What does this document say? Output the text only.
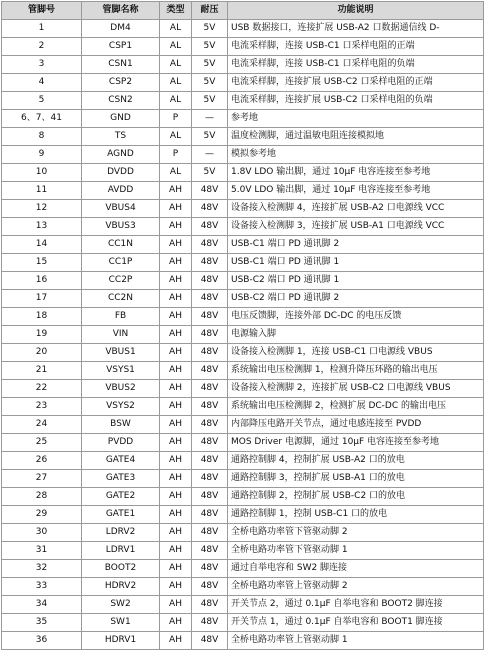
管脚号	管脚名称	类型	耐压	功能说明
1	DM4	AL	5V	USB 数据接口，连接扩展 USB-A2 口数据通信线 D-
2	CSP1	AL	5V	电流采样脚，连接 USB-C1 口采样电阻的正端
3	CSN1	AL	5V	电流采样脚，连接 USB-C1 口采样电阻的负端
4	CSP2	AL	5V	电流采样脚，连接扩展 USB-C2 口采样电阻的正端
5	CSN2	AL	5V	电流采样脚，连接扩展 USB-C2 口采样电阻的负端
6、7、41	GND	P	—	参考地
8	TS	AL	5V	温度检测脚，通过温敏电阻连接模拟地
9	AGND	P	—	模拟参考地
10	DVDD	AL	5V	1.8V LDO 输出脚，通过 10μF 电容连接至参考地
11	AVDD	AH	48V	5.0V LDO 输出脚，通过 10μF 电容连接至参考地
12	VBUS4	AH	48V	设备接入检测脚 4，连接扩展 USB-A2 口电源线 VCC
13	VBUS3	AH	48V	设备接入检测脚 3，连接扩展 USB-A1 口电源线 VCC
14	CC1N	AH	48V	USB-C1 端口 PD 通讯脚 2
15	CC1P	AH	48V	USB-C1 端口 PD 通讯脚 1
16	CC2P	AH	48V	USB-C2 端口 PD 通讯脚 1
17	CC2N	AH	48V	USB-C2 端口 PD 通讯脚 2
18	FB	AH	48V	电压反馈脚，连接外部 DC-DC 的电压反馈
19	VIN	AH	48V	电源输入脚
20	VBUS1	AH	48V	设备接入检测脚 1，连接 USB-C1 口电源线 VBUS
21	VSYS1	AH	48V	系统输出电压检测脚 1，检测升降压环路的输出电压
22	VBUS2	AH	48V	设备接入检测脚 2，连接扩展 USB-C2 口电源线 VBUS
23	VSYS2	AH	48V	系统输出电压检测脚 2，检测扩展 DC-DC 的输出电压
24	BSW	AH	48V	内部降压电路开关节点，通过电感连接至 PVDD
25	PVDD	AH	48V	MOS Driver 电源脚，通过 10μF 电容连接至参考地
26	GATE4	AH	48V	通路控制脚 4，控制扩展 USB-A2 口的放电
27	GATE3	AH	48V	通路控制脚 3，控制扩展 USB-A1 口的放电
28	GATE2	AH	48V	通路控制脚 2，控制扩展 USB-C2 口的放电
29	GATE1	AH	48V	通路控制脚 1，控制 USB-C1 口的放电
30	LDRV2	AH	48V	全桥电路功率管下管驱动脚 2
31	LDRV1	AH	48V	全桥电路功率管下管驱动脚 1
32	BOOT2	AH	48V	通过自举电容和 SW2 脚连接
33	HDRV2	AH	48V	全桥电路功率管上管驱动脚 2
34	SW2	AH	48V	开关节点 2，通过 0.1μF 自举电容和 BOOT2 脚连接
35	SW1	AH	48V	开关节点 1，通过 0.1μF 自举电容和 BOOT1 脚连接
36	HDRV1	AH	48V	全桥电路功率管上管驱动脚 1
